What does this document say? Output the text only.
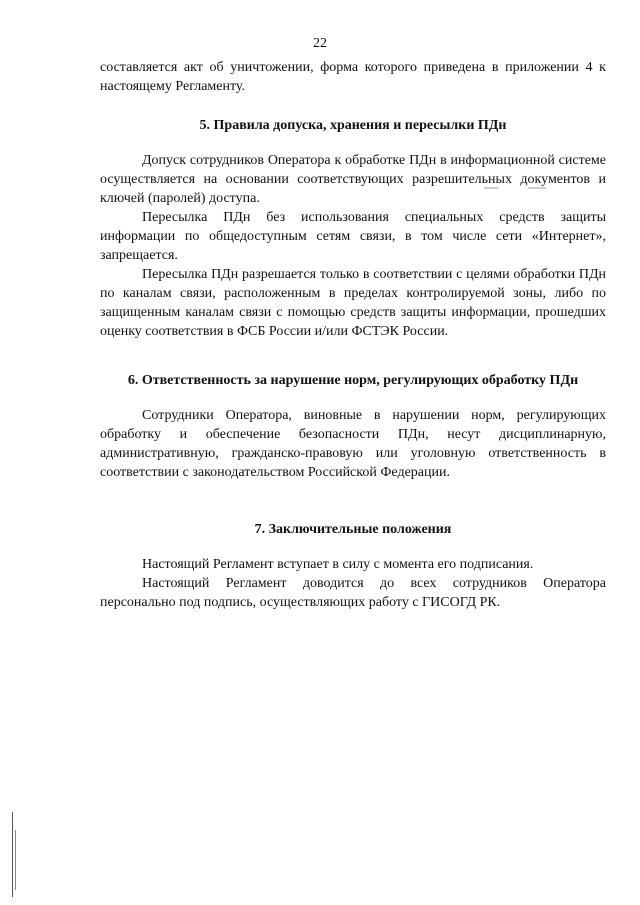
22

составляется акт об уничтожении, форма которого приведена в приложении 4 к настоящему Регламенту.

5. Правила допуска, хранения и пересылки ПДн

Допуск сотрудников Оператора к обработке ПДн в информационной системе осуществляется на основании соответствующих разрешительных документов и ключей (паролей) доступа.

Пересылка ПДн без использования специальных средств защиты информации по общедоступным сетям связи, в том числе сети «Интернет», запрещается.

Пересылка ПДн разрешается только в соответствии с целями обработки ПДн по каналам связи, расположенным в пределах контролируемой зоны, либо по защищенным каналам связи с помощью средств защиты информации, прошедших оценку соответствия в ФСБ России и/или ФСТЭК России.

6. Ответственность за нарушение норм, регулирующих обработку ПДн

Сотрудники Оператора, виновные в нарушении норм, регулирующих обработку и обеспечение безопасности ПДн, несут дисциплинарную, административную, гражданско-правовую или уголовную ответственность в соответствии с законодательством Российской Федерации.

7. Заключительные положения

Настоящий Регламент вступает в силу с момента его подписания.

Настоящий Регламент доводится до всех сотрудников Оператора персонально под подпись, осуществляющих работу с ГИСОГД РК.
